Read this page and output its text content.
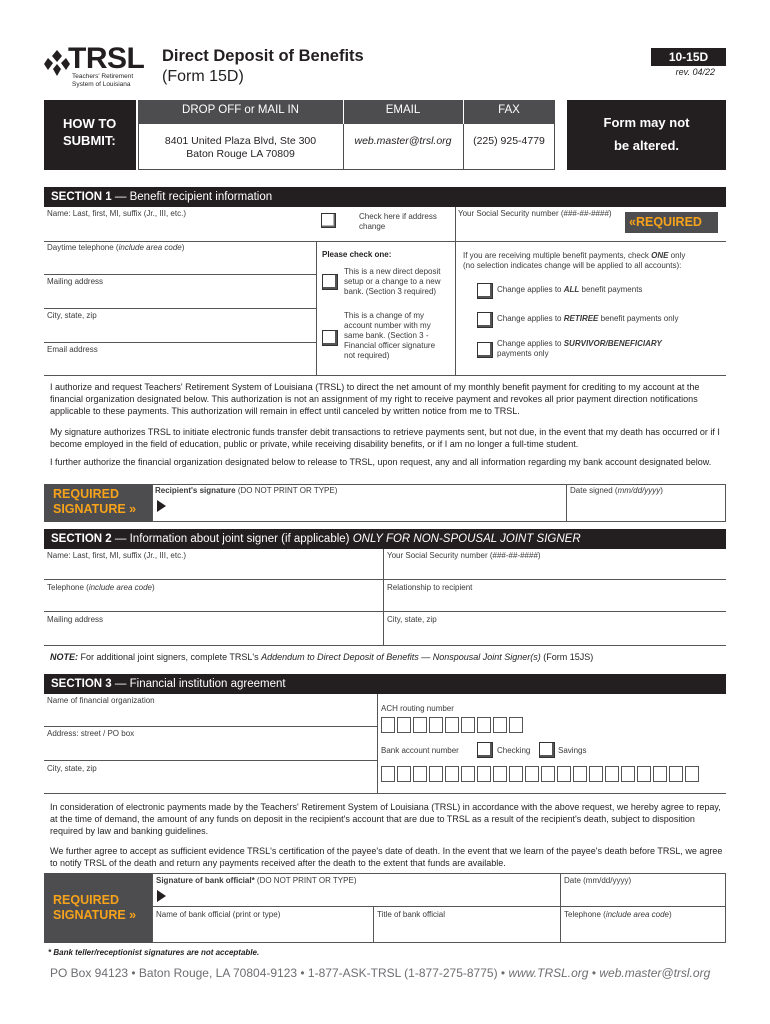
TRSL
Teachers' Retirement
System of Louisiana
Direct Deposit of Benefits
(Form 15D)
10-15D
rev. 04/22
HOW TO
SUBMIT:
DROP OFF or MAIL IN	EMAIL	FAX
8401 United Plaza Blvd, Ste 300
Baton Rouge LA 70809
web.master@trsl.org	(225) 925-4779
Form may not
be altered.
SECTION 1 — Benefit recipient information
Name: Last, first, MI, suffix (Jr., III, etc.)	Check here if address change
Your Social Security number (###-##-####)
«REQUIRED
Daytime telephone (include area code)
Mailing address
City, state, zip
Email address
Please check one:
This is a new direct deposit setup or a change to a new bank. (Section 3 required)
This is a change of my account number with my same bank. (Section 3 - Financial officer signature not required)
If you are receiving multiple benefit payments, check ONE only
(no selection indicates change will be applied to all accounts):
Change applies to ALL benefit payments
Change applies to RETIREE benefit payments only
Change applies to SURVIVOR/BENEFICIARY
payments only
I authorize and request Teachers' Retirement System of Louisiana (TRSL) to direct the net amount of my monthly benefit payment for crediting to my account at the financial organization designated below. This authorization is not an assignment of my right to receive payment and revokes all prior payment direction notifications applicable to these payments. This authorization will remain in effect until canceled by written notice from me to TRSL.
My signature authorizes TRSL to initiate electronic funds transfer debit transactions to retrieve payments sent, but not due, in the event that my death has occurred or if I become employed in the field of education, public or private, while receiving disability benefits, or if I am no longer a full-time student.
I further authorize the financial organization designated below to release to TRSL, upon request, any and all information regarding my bank account designated below.
REQUIRED
SIGNATURE »
Recipient's signature (DO NOT PRINT OR TYPE)	Date signed (mm/dd/yyyy)
SECTION 2 — Information about joint signer (if applicable) ONLY FOR NON-SPOUSAL JOINT SIGNER
Name: Last, first, MI, suffix (Jr., III, etc.)	Your Social Security number (###-##-####)
Telephone (include area code)	Relationship to recipient
Mailing address	City, state, zip
NOTE: For additional joint signers, complete TRSL's Addendum to Direct Deposit of Benefits — Nonspousal Joint Signer(s) (Form 15JS)
SECTION 3 — Financial institution agreement
Name of financial organization
ACH routing number
Address: street / PO box
Bank account number	Checking	Savings
City, state, zip
In consideration of electronic payments made by the Teachers' Retirement System of Louisiana (TRSL) in accordance with the above request, we hereby agree to repay, at the time of demand, the amount of any funds on deposit in the recipient's account that are due to TRSL as a result of the recipient's death, subject to disposition required by law and banking guidelines.
We further agree to accept as sufficient evidence TRSL's certification of the payee's date of death. In the event that we learn of the payee's death before TRSL, we agree to notify TRSL of the death and return any payments received after the death to the extent that funds are available.
REQUIRED
SIGNATURE »
Signature of bank official* (DO NOT PRINT OR TYPE)	Date (mm/dd/yyyy)
Name of bank official (print or type)	Title of bank official	Telephone (include area code)
* Bank teller/receptionist signatures are not acceptable.
PO Box 94123 • Baton Rouge, LA 70804-9123 • 1-877-ASK-TRSL (1-877-275-8775) • www.TRSL.org • web.master@trsl.org
